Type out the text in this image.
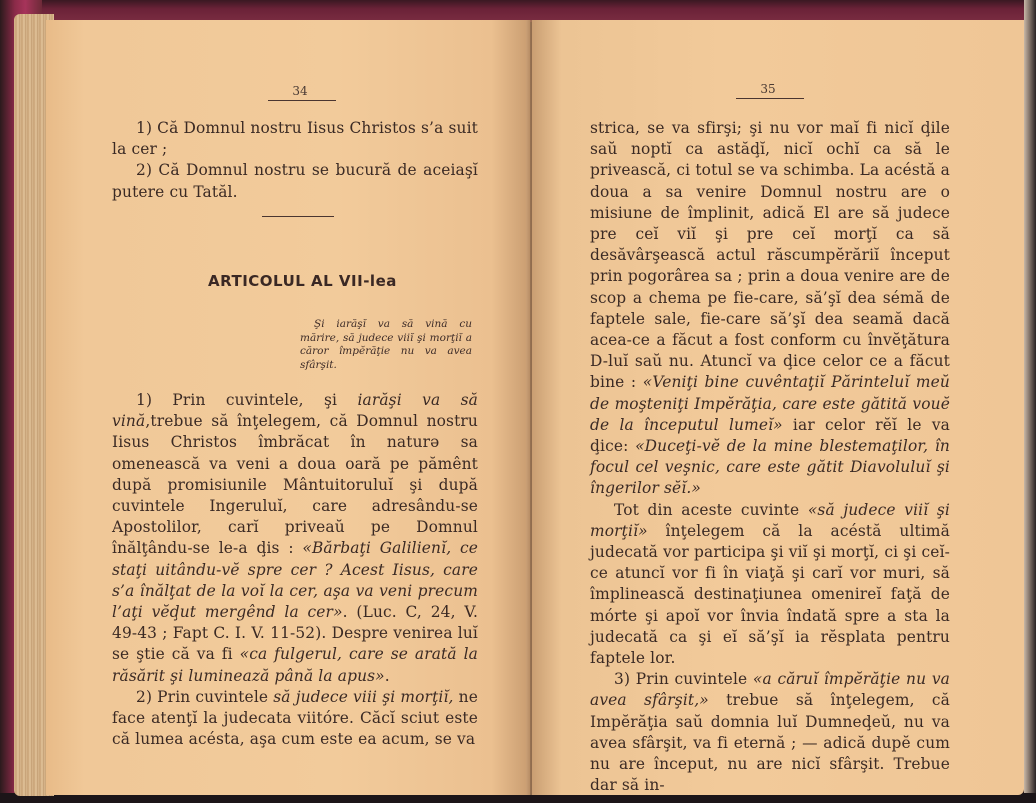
34

1) Că Domnul nostru Iisus Christos s’a suit la cer ;

2) Că Domnul nostru se bucură de aceiaşĭ putere cu Tatăl.

ARTICOLUL AL VII-lea

Şi iarăşĭ va să vină cu mărire, să judece viiĭ şi morţiĭ a căror împĕrăţie nu va avea sfârşit.

1) Prin cuvintele, şi iarăşi va să vină,trebue să înţelegem, că Domnul nostru Iisus Christos îmbrăcat în naturə sa omenească va veni a doua oară pe pămênt după promisiunile Mântuitoruluĭ şi după cuvintele Ingeruluĭ, care adresându-se Apostolilor, carĭ priveaŭ pe Domnul înălţându-se le-a ḑis : «Bărbaţi Galilienĭ, ce staţi uitându-vĕ spre cer ? Acest Iisus, care s’a înălţat de la voĭ la cer, aşa va veni precum l’aţi vĕḑut mergênd la cer». (Luc. C, 24, V. 49-43 ; Fapt C. I. V. 11-52). Despre venirea luĭ se ştie că va fi «ca fulgerul, care se arată la răsărit şi luminează până la apus».

2) Prin cuvintele să judece viii şi morţiĭ, ne face atenţĭ la judecata viitóre. Căcĭ sciut este că lumea acésta, aşa cum este ea acum, se va

35

strica, se va sfirşi; şi nu vor maĭ fi nicĭ ḑile saŭ noptĭ ca astăḑĭ, nicĭ ochĭ ca să le privească, ci totul se va schimba. La acéstă a doua a sa venire Domnul nostru are o misiune de împlinit, adică El are să judece pre ceĭ viĭ şi pre ceĭ morţĭ ca să desăvârşească actul răscumpĕrăriĭ început prin pogorârea sa ; prin a doua venire are de scop a chema pe fie-care, să’şĭ dea sémă de faptele sale, fie-care să’şĭ dea seamă dacă acea-ce a făcut a fost conform cu învĕţătura D-luĭ saŭ nu. Atuncĭ va ḑice celor ce a făcut bine : «Veniţi bine cuvêntaţiĭ Părinteluĭ meŭ de moşteniţi Impĕrăţia, care este gătită vouĕ de la începutul lumeĭ» iar celor rĕĭ le va ḑice: «Duceţi-vĕ de la mine blestemaţilor, în focul cel veşnic, care este gătit Diavoluluĭ şi îngerilor sĕĭ.»

Tot din aceste cuvinte «să judece viiĭ şi morţiĭ» înţelegem că la acéstă ultimă judecată vor participa şi viĭ şi morţĭ, ci şi ceĭ-ce atuncĭ vor fi în viaţă şi carĭ vor muri, să împlinească destinaţiunea omenireĭ faţă de mórte şi apoĭ vor învia îndată spre a sta la judecată ca şi eĭ să’şĭ ia rĕsplata pentru faptele lor.

3) Prin cuvintele «a căruĭ împĕrăţie nu va avea sfârşit,» trebue să înţelegem, că Impĕrăţia saŭ domnia luĭ Dumneḑeŭ, nu va avea sfârşit, va fi eternă ; — adică dupĕ cum nu are început, nu are nicĭ sfârşit. Trebue dar să in-
